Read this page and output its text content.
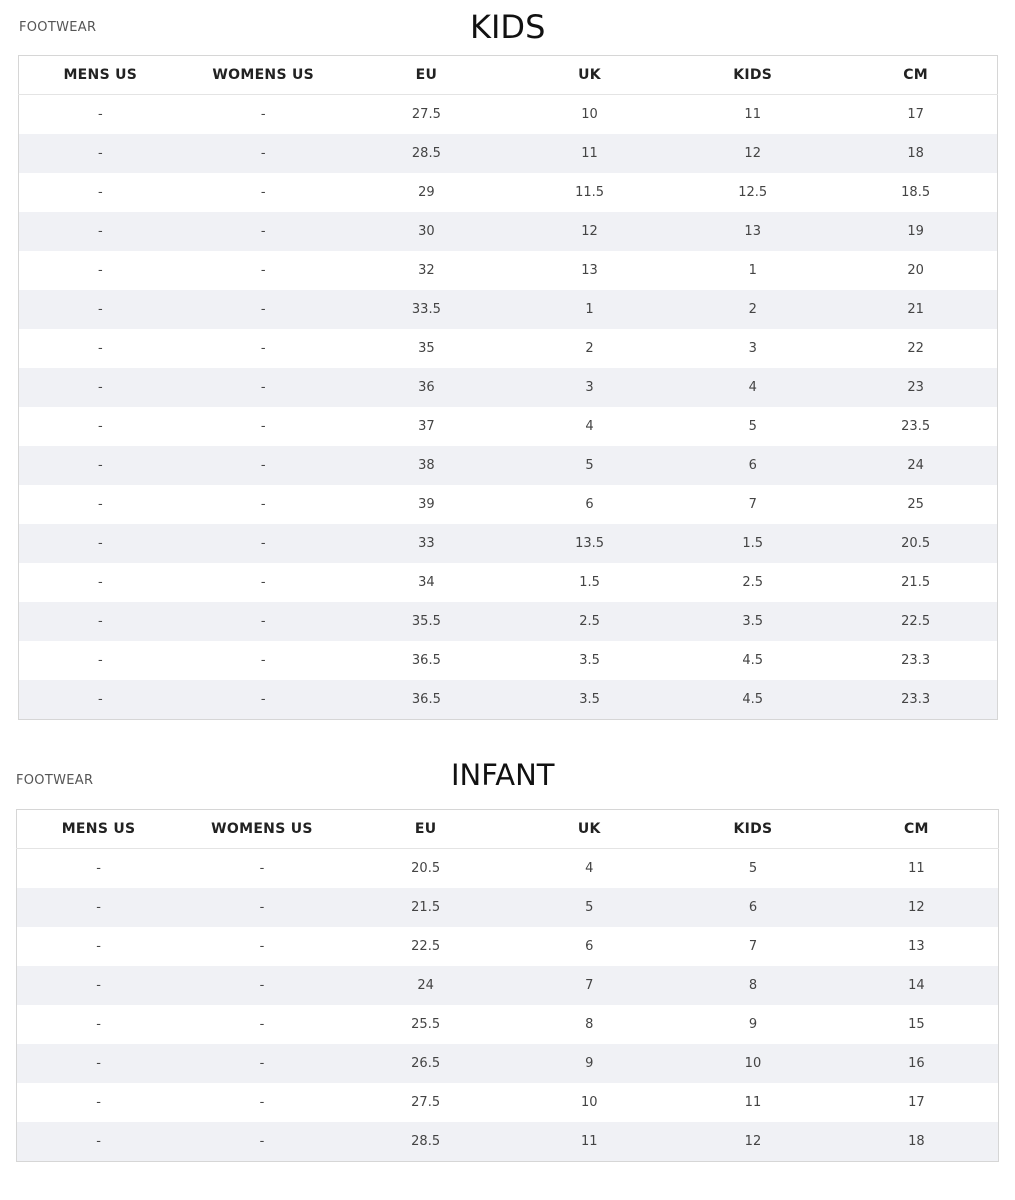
FOOTWEAR	KIDS
MENS US	WOMENS US	EU	UK	KIDS	CM
-	-	27.5	10	11	17
-	-	28.5	11	12	18
-	-	29	11.5	12.5	18.5
-	-	30	12	13	19
-	-	32	13	1	20
-	-	33.5	1	2	21
-	-	35	2	3	22
-	-	36	3	4	23
-	-	37	4	5	23.5
-	-	38	5	6	24
-	-	39	6	7	25
-	-	33	13.5	1.5	20.5
-	-	34	1.5	2.5	21.5
-	-	35.5	2.5	3.5	22.5
-	-	36.5	3.5	4.5	23.3
-	-	36.5	3.5	4.5	23.3
FOOTWEAR	INFANT
MENS US	WOMENS US	EU	UK	KIDS	CM
-	-	20.5	4	5	11
-	-	21.5	5	6	12
-	-	22.5	6	7	13
-	-	24	7	8	14
-	-	25.5	8	9	15
-	-	26.5	9	10	16
-	-	27.5	10	11	17
-	-	28.5	11	12	18
